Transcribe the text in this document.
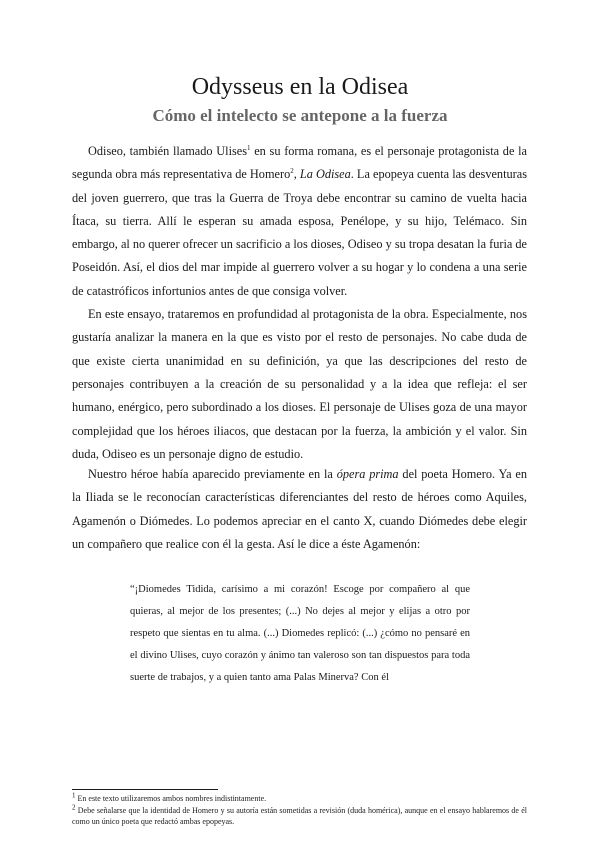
Odysseus en la Odisea
Cómo el intelecto se antepone a la fuerza

Odiseo, también llamado Ulises$^1$ en su forma romana, es el personaje protagonista de la segunda obra más representativa de Homero$^2$, La Odisea. La epopeya cuenta las desventuras del joven guerrero, que tras la Guerra de Troya debe encontrar su camino de vuelta hacia Ítaca, su tierra. Allí le esperan su amada esposa, Penélope, y su hijo, Telémaco. Sin embargo, al no querer ofrecer un sacrificio a los dioses, Odiseo y su tropa desatan la furia de Poseidón. Así, el dios del mar impide al guerrero volver a su hogar y lo condena a una serie de catastróficos infortunios antes de que consiga volver.

En este ensayo, trataremos en profundidad al protagonista de la obra. Especialmente, nos gustaría analizar la manera en la que es visto por el resto de personajes. No cabe duda de que existe cierta unanimidad en su definición, ya que las descripciones del resto de personajes contribuyen a la creación de su personalidad y a la idea que refleja: el ser humano, enérgico, pero subordinado a los dioses. El personaje de Ulises goza de una mayor complejidad que los héroes iliacos, que destacan por la fuerza, la ambición y el valor. Sin duda, Odiseo es un personaje digno de estudio.

Nuestro héroe había aparecido previamente en la ópera prima del poeta Homero. Ya en la Iliada se le reconocían características diferenciantes del resto de héroes como Aquiles, Agamenón o Diómedes. Lo podemos apreciar en el canto X, cuando Diómedes debe elegir un compañero que realice con él la gesta. Así le dice a éste Agamenón:

“¡Diomedes Tidida, carísimo a mi corazón! Escoge por compañero al que quieras, al mejor de los presentes; (...) No dejes al mejor y elijas a otro por respeto que sientas en tu alma. (...) Diomedes replicó: (...) ¿cómo no pensaré en el divino Ulises, cuyo corazón y ánimo tan valeroso son tan dispuestos para toda suerte de trabajos, y a quien tanto ama Palas Minerva? Con él

$^1$ En este texto utilizaremos ambos nombres indistintamente.

$^2$ Debe señalarse que la identidad de Homero y su autoría están sometidas a revisión (duda homérica), aunque en el ensayo hablaremos de él como un único poeta que redactó ambas epopeyas.
